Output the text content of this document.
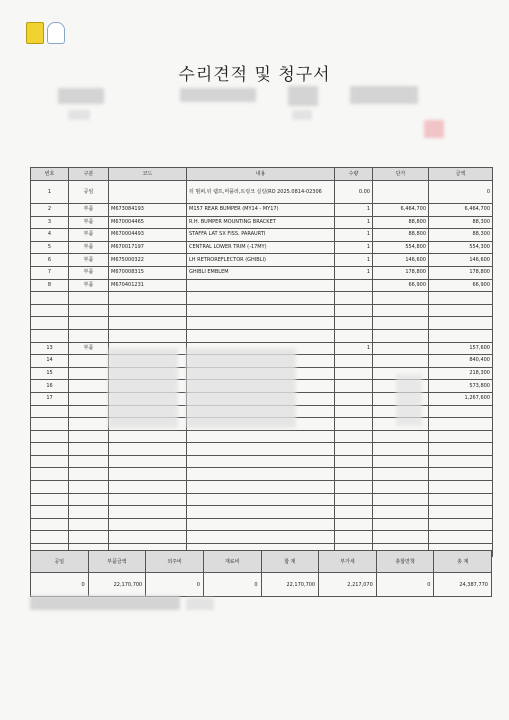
수리견적 및 청구서
번호	구분	코드	내용	수량	단가	금액
1	공임		뒤 범퍼,뒤 램프,머플러,트렁크 실링(RO 2025.0814-02306	0.00		0
2	부품	M673084193	M157 REAR BUMPER (MY14 - MY17)	1	6,464,700	6,464,700
3	부품	M670004465	R.H. BUMPER MOUNTING BRACKET	1	88,800	88,300
4	부품	M670004493	STAFFA LAT SX FISS. PARAURTI	1	88,800	88,300
5	부품	M670017197	CENTRAL LOWER TRIM (-17MY)	1	554,800	554,300
6	부품	M675000322	LH RETROREFLECTOR (GHIBLI)	1	146,600	146,600
7	부품	M670008315	GHIBLI EMBLEM	1	178,800	178,800
8	부품	M670401231			66,900	66,900

13	부품			1		157,600
14						840,400
15						218,300
16						573,800
17						1,267,600

공임	부품금액	외주비	재료비	합 계	부가세	총합면책	총 계
0	22,170,700	0	0	22,170,700	2,217,070	0	24,387,770
